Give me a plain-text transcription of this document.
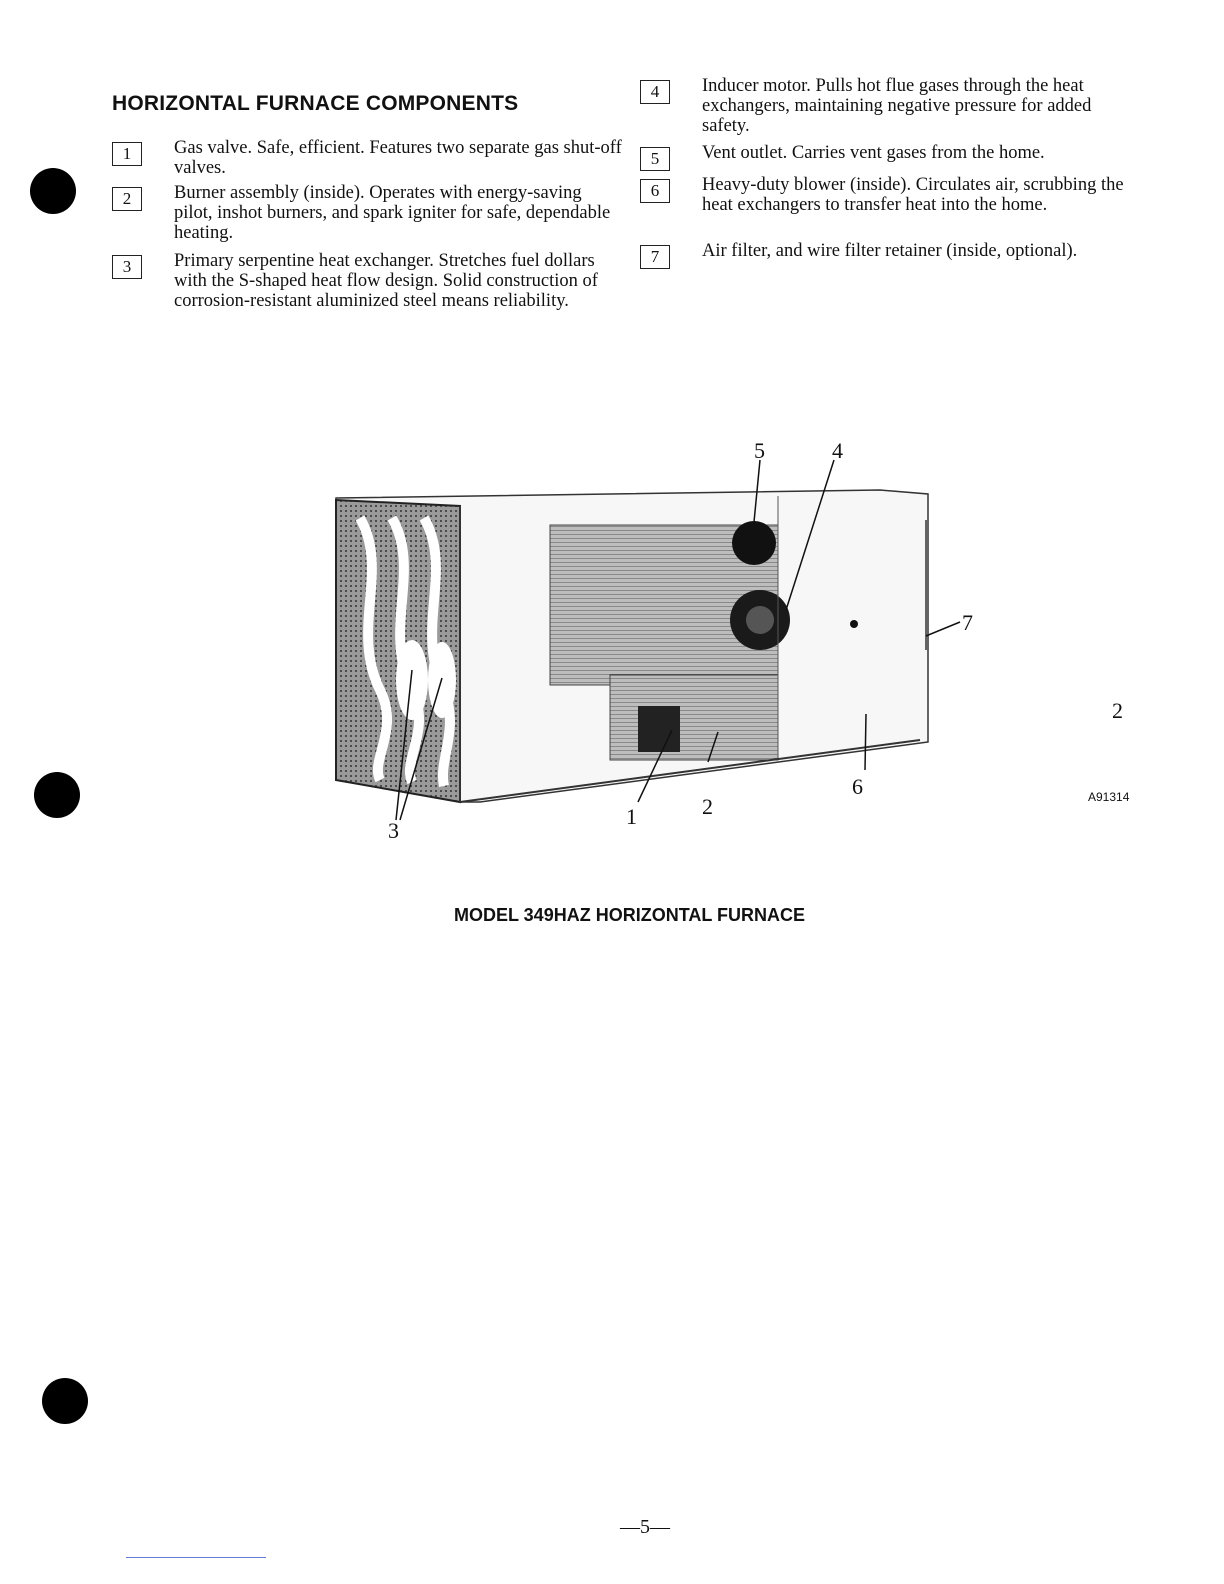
HORIZONTAL FURNACE COMPONENTS
1	Gas valve. Safe, efficient. Features two separate gas shut-off valves.
2	Burner assembly (inside). Operates with energy-saving pilot, inshot burners, and spark igniter for safe, dependable heating.
3	Primary serpentine heat exchanger. Stretches fuel dollars with the S-shaped heat flow design. Solid construction of corrosion-resistant aluminized steel means reliability.
4	Inducer motor. Pulls hot flue gases through the heat exchangers, maintaining negative pressure for added safety.
5	Vent outlet. Carries vent gases from the home.
6	Heavy-duty blower (inside). Circulates air, scrubbing the heat exchangers to transfer heat into the home.
7	Air filter, and wire filter retainer (inside, optional).
5	4
7
6
2
1
3
2
A91314
MODEL 349HAZ HORIZONTAL FURNACE
—5—
